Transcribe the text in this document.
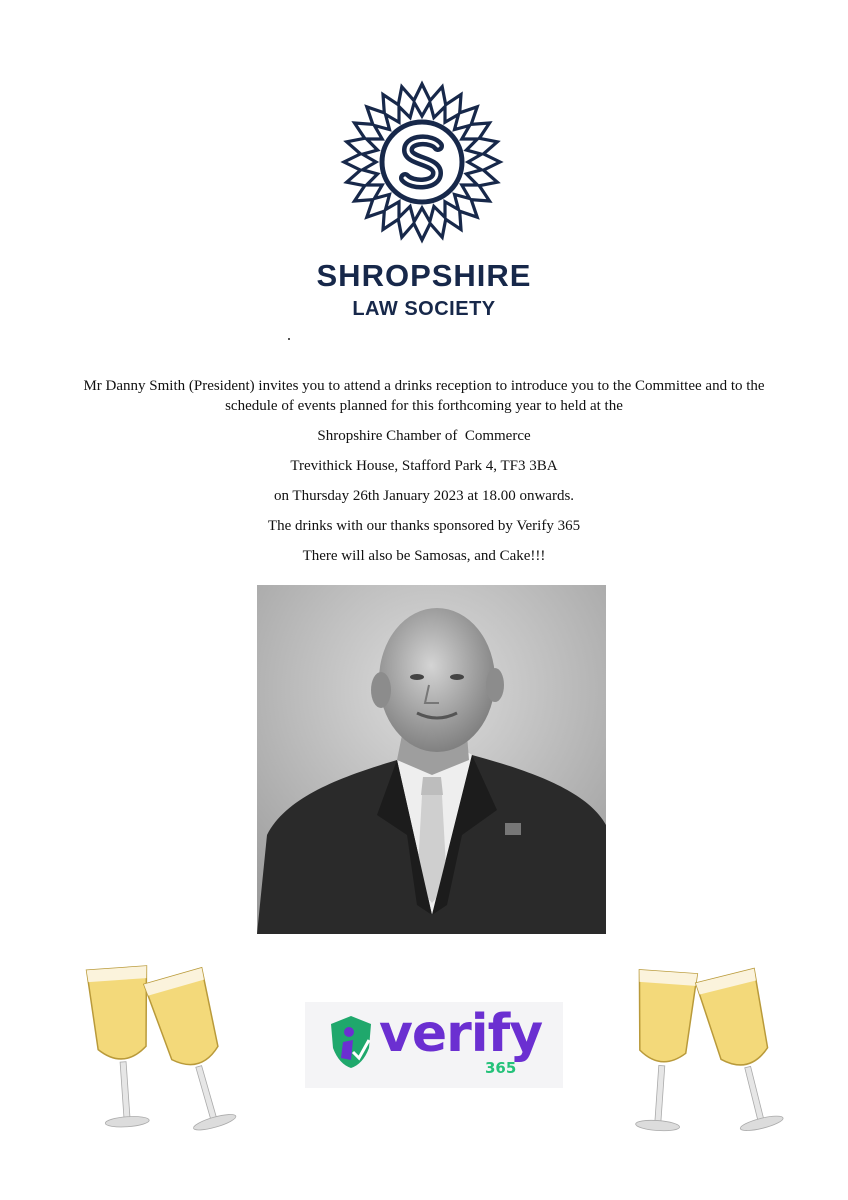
SHROPSHIRE
LAW SOCIETY

Mr Danny Smith (President) invites you to attend a drinks reception to introduce you to the Committee and to the schedule of events planned for this forthcoming year to held at the

Shropshire Chamber of  Commerce

Trevithick House, Stafford Park 4, TF3 3BA

on Thursday 26th January 2023 at 18.00 onwards.

The drinks with our thanks sponsored by Verify 365

There will also be Samosas, and Cake!!!

verify
365
